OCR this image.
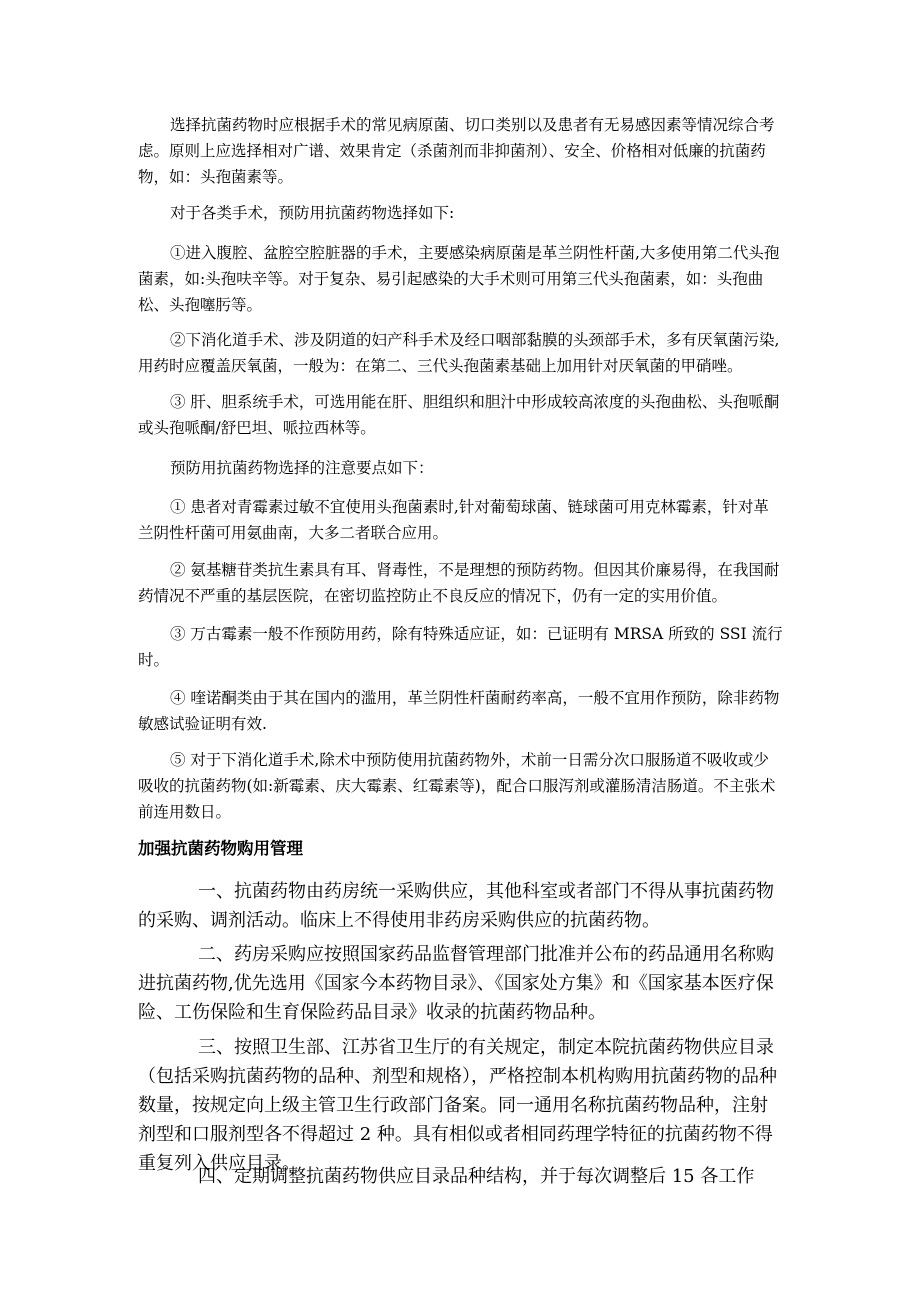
选择抗菌药物时应根据手术的常见病原菌、切口类别以及患者有无易感因素等情况综合考虑。原则上应选择相对广谱、效果肯定（杀菌剂而非抑菌剂）、安全、价格相对低廉的抗菌药物，如：头孢菌素等。

对于各类手术，预防用抗菌药物选择如下:

①进入腹腔、盆腔空腔脏器的手术，主要感染病原菌是革兰阴性杆菌,大多使用第二代头孢菌素，如:头孢呋辛等。对于复杂、易引起感染的大手术则可用第三代头孢菌素，如：头孢曲松、头孢噻肟等。

②下消化道手术、涉及阴道的妇产科手术及经口咽部黏膜的头颈部手术，多有厌氧菌污染,用药时应覆盖厌氧菌，一般为：在第二、三代头孢菌素基础上加用针对厌氧菌的甲硝唑。

③ 肝、胆系统手术，可选用能在肝、胆组织和胆汁中形成较高浓度的头孢曲松、头孢哌酮或头孢哌酮/舒巴坦、哌拉西林等。

预防用抗菌药物选择的注意要点如下：

① 患者对青霉素过敏不宜使用头孢菌素时,针对葡萄球菌、链球菌可用克林霉素，针对革兰阴性杆菌可用氨曲南，大多二者联合应用。

② 氨基糖苷类抗生素具有耳、肾毒性，不是理想的预防药物。但因其价廉易得，在我国耐药情况不严重的基层医院，在密切监控防止不良反应的情况下，仍有一定的实用价值。

③ 万古霉素一般不作预防用药，除有特殊适应证，如：已证明有 MRSA 所致的 SSI 流行时。

④ 喹诺酮类由于其在国内的滥用，革兰阴性杆菌耐药率高，一般不宜用作预防，除非药物敏感试验证明有效.

⑤ 对于下消化道手术,除术中预防使用抗菌药物外，术前一日需分次口服肠道不吸收或少吸收的抗菌药物(如:新霉素、庆大霉素、红霉素等)，配合口服泻剂或灌肠清洁肠道。不主张术前连用数日。

加强抗菌药物购用管理

一、抗菌药物由药房统一采购供应，其他科室或者部门不得从事抗菌药物的采购、调剂活动。临床上不得使用非药房采购供应的抗菌药物。

二、药房采购应按照国家药品监督管理部门批准并公布的药品通用名称购进抗菌药物,优先选用《国家今本药物目录》、《国家处方集》和《国家基本医疗保险、工伤保险和生育保险药品目录》收录的抗菌药物品种。

三、按照卫生部、江苏省卫生厅的有关规定，制定本院抗菌药物供应目录（包括采购抗菌药物的品种、剂型和规格），严格控制本机构购用抗菌药物的品种数量，按规定向上级主管卫生行政部门备案。同一通用名称抗菌药物品种，注射剂型和口服剂型各不得超过 2 种。具有相似或者相同药理学特征的抗菌药物不得重复列入供应目录。

四、定期调整抗菌药物供应目录品种结构，并于每次调整后 15 各工作
